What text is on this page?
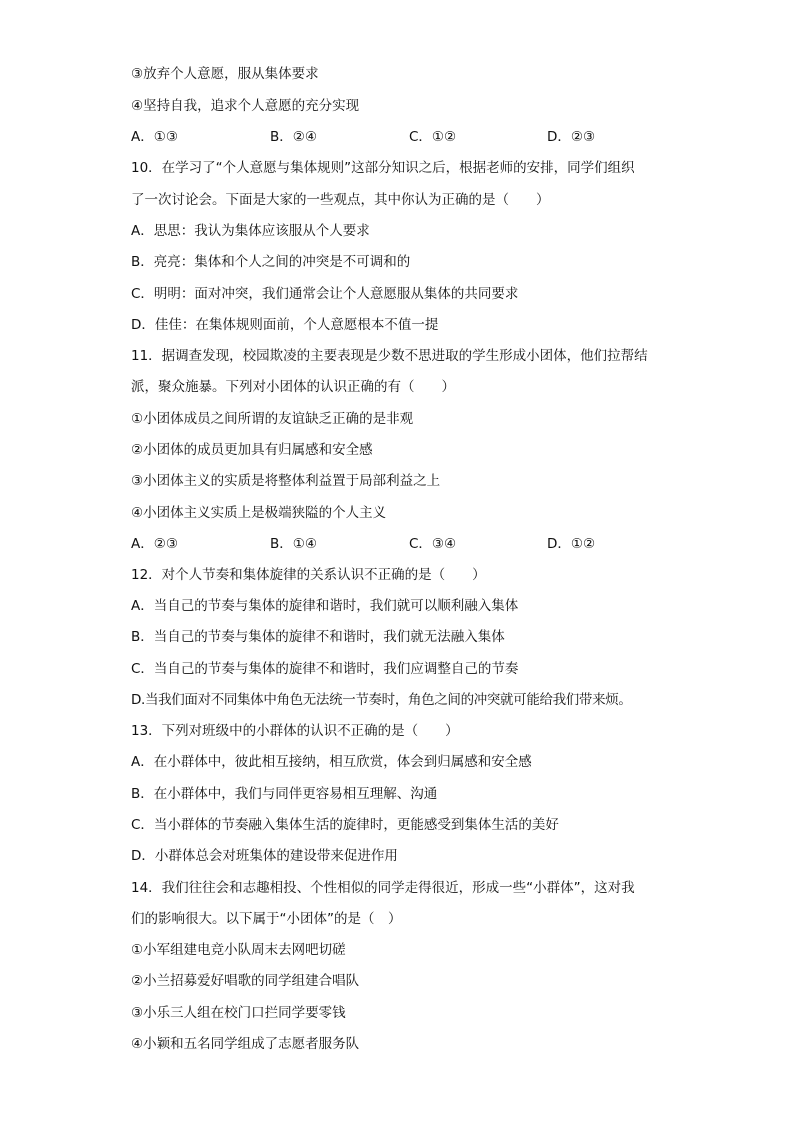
③放弃个人意愿，服从集体要求
④坚持自我，追求个人意愿的充分实现
A．①③	B．②④	C．①②	D．②③
10．在学习了“个人意愿与集体规则”这部分知识之后，根据老师的安排，同学们组织
了一次讨论会。下面是大家的一些观点，其中你认为正确的是（　　）
A．思思：我认为集体应该服从个人要求
B．亮亮：集体和个人之间的冲突是不可调和的
C．明明：面对冲突，我们通常会让个人意愿服从集体的共同要求
D．佳佳：在集体规则面前，个人意愿根本不值一提
11．据调查发现，校园欺凌的主要表现是少数不思进取的学生形成小团体，他们拉帮结
派，聚众施暴。下列对小团体的认识正确的有（　　）
①小团体成员之间所谓的友谊缺乏正确的是非观
②小团体的成员更加具有归属感和安全感
③小团体主义的实质是将整体利益置于局部利益之上
④小团体主义实质上是极端狭隘的个人主义
A．②③	B．①④	C．③④	D．①②
12．对个人节奏和集体旋律的关系认识不正确的是（　　）
A．当自己的节奏与集体的旋律和谐时，我们就可以顺利融入集体
B．当自己的节奏与集体的旋律不和谐时，我们就无法融入集体
C．当自己的节奏与集体的旋律不和谐时，我们应调整自己的节奏
D.当我们面对不同集体中角色无法统一节奏时，角色之间的冲突就可能给我们带来烦。
13．下列对班级中的小群体的认识不正确的是（　　）
A．在小群体中，彼此相互接纳，相互欣赏，体会到归属感和安全感
B．在小群体中，我们与同伴更容易相互理解、沟通
C．当小群体的节奏融入集体生活的旋律时，更能感受到集体生活的美好
D．小群体总会对班集体的建设带来促进作用
14．我们往往会和志趣相投、个性相似的同学走得很近，形成一些“小群体”，这对我
们的影响很大。以下属于“小团体”的是（　）
①小军组建电竞小队周末去网吧切磋
②小兰招募爱好唱歌的同学组建合唱队
③小乐三人组在校门口拦同学要零钱
④小颖和五名同学组成了志愿者服务队
